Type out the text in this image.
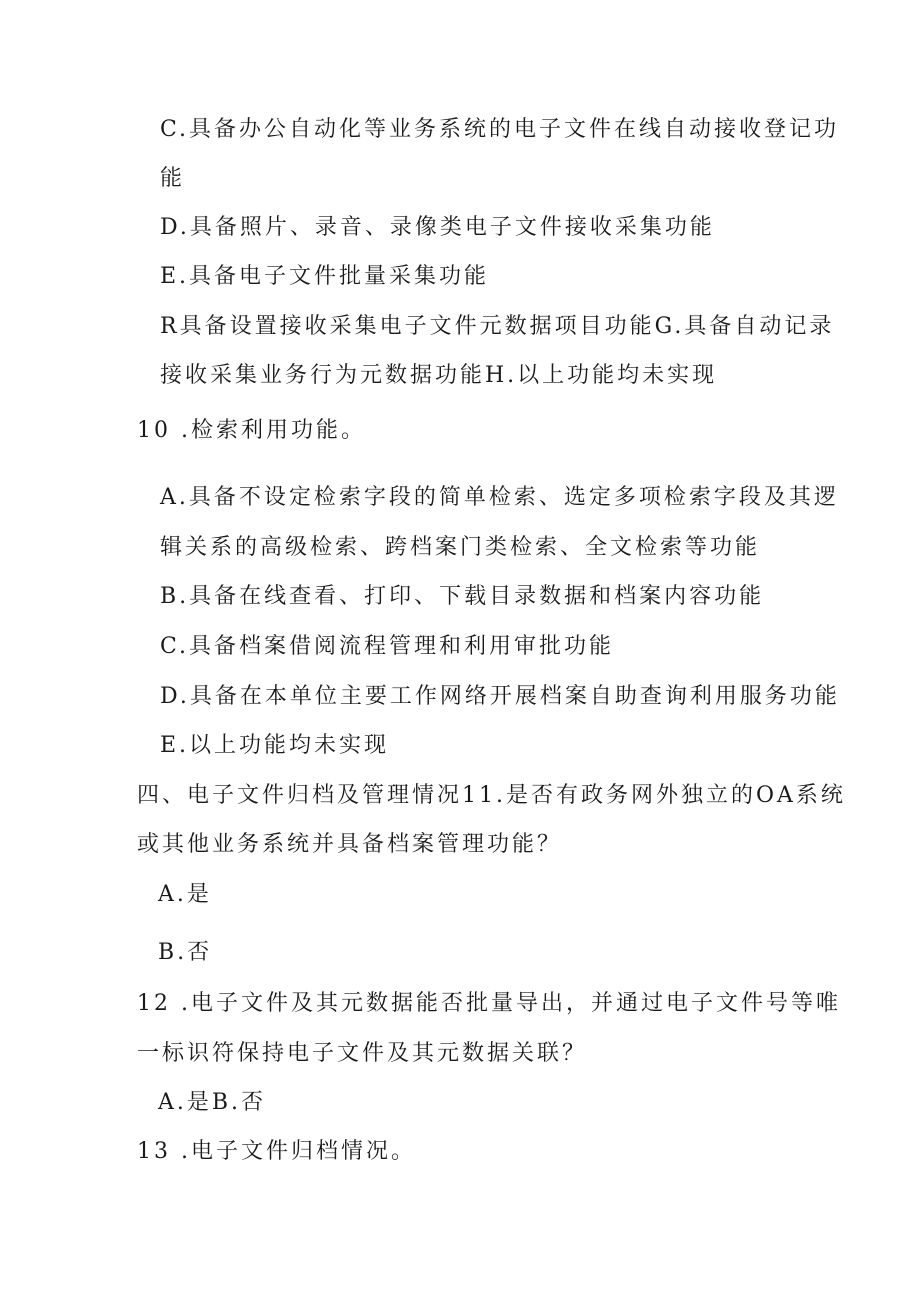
C.具备办公自动化等业务系统的电子文件在线自动接收登记功
能
D.具备照片、录音、录像类电子文件接收采集功能
E.具备电子文件批量采集功能
R具备设置接收采集电子文件元数据项目功能G.具备自动记录
接收采集业务行为元数据功能H.以上功能均未实现
10 .检索利用功能。
A.具备不设定检索字段的简单检索、选定多项检索字段及其逻
辑关系的高级检索、跨档案门类检索、全文检索等功能
B.具备在线查看、打印、下载目录数据和档案内容功能
C.具备档案借阅流程管理和利用审批功能
D.具备在本单位主要工作网络开展档案自助查询利用服务功能
E.以上功能均未实现
四、电子文件归档及管理情况11.是否有政务网外独立的OA系统
或其他业务系统并具备档案管理功能？
A.是
B.否
12 .电子文件及其元数据能否批量导出，并通过电子文件号等唯
一标识符保持电子文件及其元数据关联？
A.是B.否
13 .电子文件归档情况。
